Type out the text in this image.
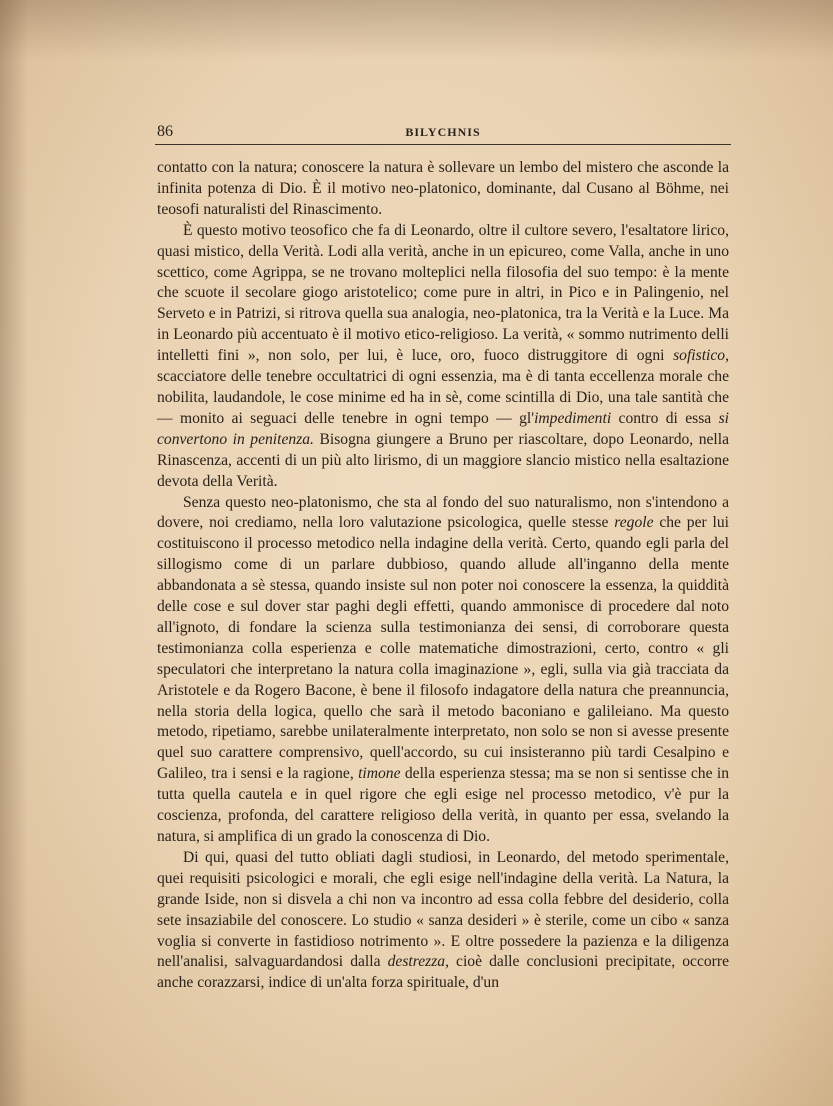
86	BILYCHNIS

contatto con la natura; conoscere la natura è sollevare un lembo del mistero che asconde la infinita potenza di Dio. È il motivo neo-platonico, dominante, dal Cusano al Böhme, nei teosofi naturalisti del Rinascimento.

È questo motivo teosofico che fa di Leonardo, oltre il cultore severo, l'esaltatore lirico, quasi mistico, della Verità. Lodi alla verità, anche in un epicureo, come Valla, anche in uno scettico, come Agrippa, se ne trovano molteplici nella filosofia del suo tempo: è la mente che scuote il secolare giogo aristotelico; come pure in altri, in Pico e in Palingenio, nel Serveto e in Patrizi, si ritrova quella sua analogia, neo-platonica, tra la Verità e la Luce. Ma in Leonardo più accentuato è il motivo etico-religioso. La verità, « sommo nutrimento delli intelletti fini », non solo, per lui, è luce, oro, fuoco distruggitore di ogni sofistico, scacciatore delle tenebre occultatrici di ogni essenzia, ma è di tanta eccellenza morale che nobilita, laudandole, le cose minime ed ha in sè, come scintilla di Dio, una tale santità che — monito ai seguaci delle tenebre in ogni tempo — gl'impedimenti contro di essa si convertono in penitenza. Bisogna giungere a Bruno per riascoltare, dopo Leonardo, nella Rinascenza, accenti di un più alto lirismo, di un maggiore slancio mistico nella esaltazione devota della Verità.

Senza questo neo-platonismo, che sta al fondo del suo naturalismo, non s'intendono a dovere, noi crediamo, nella loro valutazione psicologica, quelle stesse regole che per lui costituiscono il processo metodico nella indagine della verità. Certo, quando egli parla del sillogismo come di un parlare dubbioso, quando allude all'inganno della mente abbandonata a sè stessa, quando insiste sul non poter noi conoscere la essenza, la quiddità delle cose e sul dover star paghi degli effetti, quando ammonisce di procedere dal noto all'ignoto, di fondare la scienza sulla testimonianza dei sensi, di corroborare questa testimonianza colla esperienza e colle matematiche dimostrazioni, certo, contro « gli speculatori che interpretano la natura colla imaginazione », egli, sulla via già tracciata da Aristotele e da Rogero Bacone, è bene il filosofo indagatore della natura che preannuncia, nella storia della logica, quello che sarà il metodo baconiano e galileiano. Ma questo metodo, ripetiamo, sarebbe unilateralmente interpretato, non solo se non si avesse presente quel suo carattere comprensivo, quell'accordo, su cui insisteranno più tardi Cesalpino e Galileo, tra i sensi e la ragione, timone della esperienza stessa; ma se non si sentisse che in tutta quella cautela e in quel rigore che egli esige nel processo metodico, v'è pur la coscienza, profonda, del carattere religioso della verità, in quanto per essa, svelando la natura, si amplifica di un grado la conoscenza di Dio.

Di qui, quasi del tutto obliati dagli studiosi, in Leonardo, del metodo sperimentale, quei requisiti psicologici e morali, che egli esige nell'indagine della verità. La Natura, la grande Iside, non si disvela a chi non va incontro ad essa colla febbre del desiderio, colla sete insaziabile del conoscere. Lo studio « sanza desideri » è sterile, come un cibo « sanza voglia si converte in fastidioso notrimento ». E oltre possedere la pazienza e la diligenza nell'analisi, salvaguardandosi dalla destrezza, cioè dalle conclusioni precipitate, occorre anche corazzarsi, indice di un'alta forza spirituale, d'un
